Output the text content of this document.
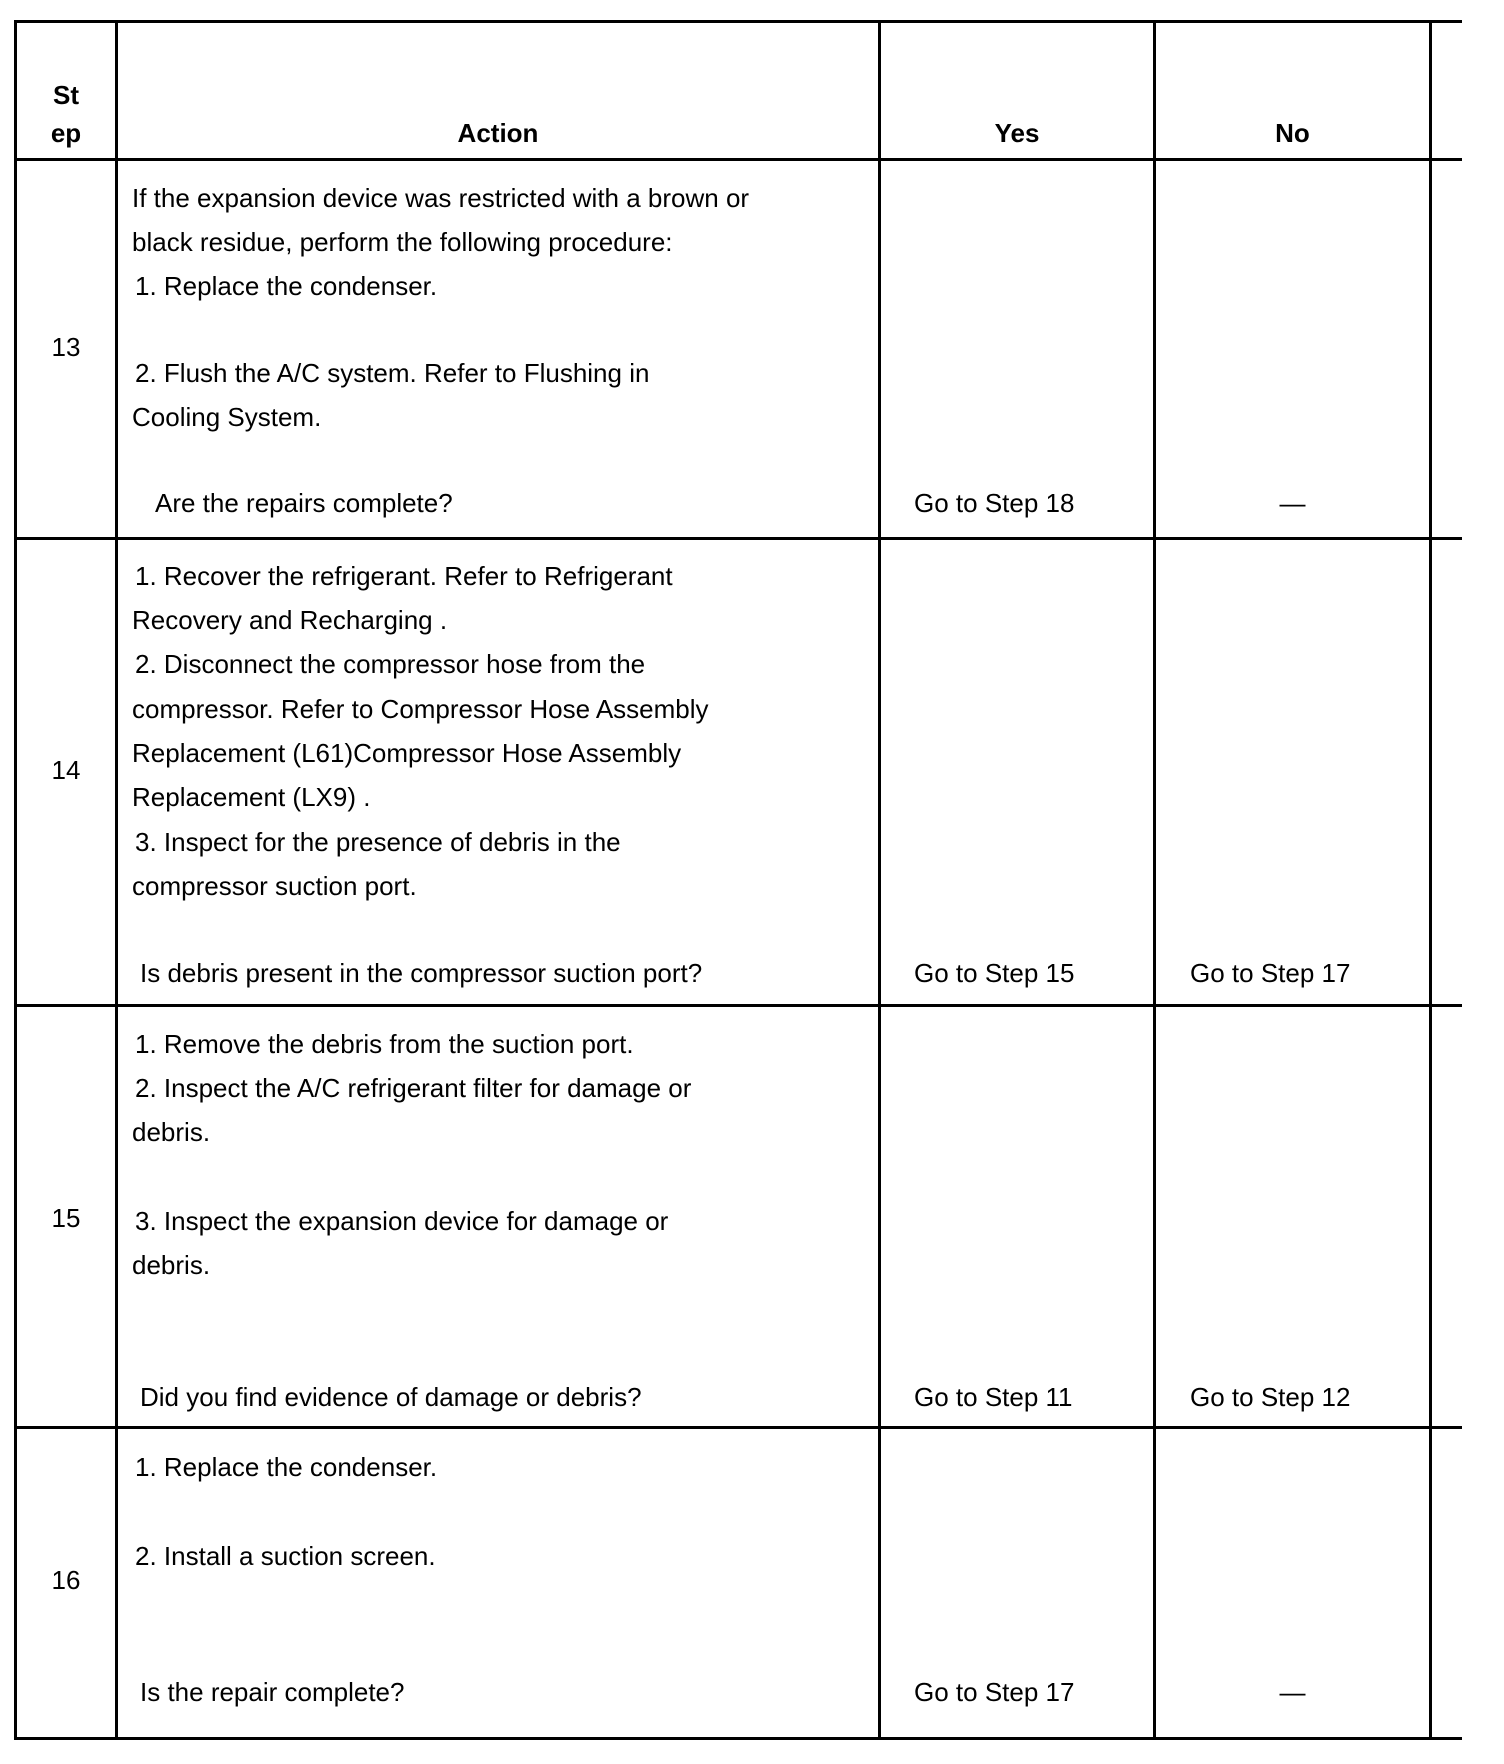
St
ep	Action	Yes	No
13
If the expansion device was restricted with a brown or
black residue, perform the following procedure:
1. Replace the condenser.
2. Flush the A/C system. Refer to Flushing in
Cooling System.
Are the repairs complete?	Go to Step 18	—
14
1. Recover the refrigerant. Refer to Refrigerant
Recovery and Recharging .
2. Disconnect the compressor hose from the
compressor. Refer to Compressor Hose Assembly
Replacement (L61)Compressor Hose Assembly
Replacement (LX9) .
3. Inspect for the presence of debris in the
compressor suction port.
Is debris present in the compressor suction port?	Go to Step 15	Go to Step 17
15
1. Remove the debris from the suction port.
2. Inspect the A/C refrigerant filter for damage or
debris.
3. Inspect the expansion device for damage or
debris.
Did you find evidence of damage or debris?	Go to Step 11	Go to Step 12
16
1. Replace the condenser.
2. Install a suction screen.
Is the repair complete?	Go to Step 17	—
